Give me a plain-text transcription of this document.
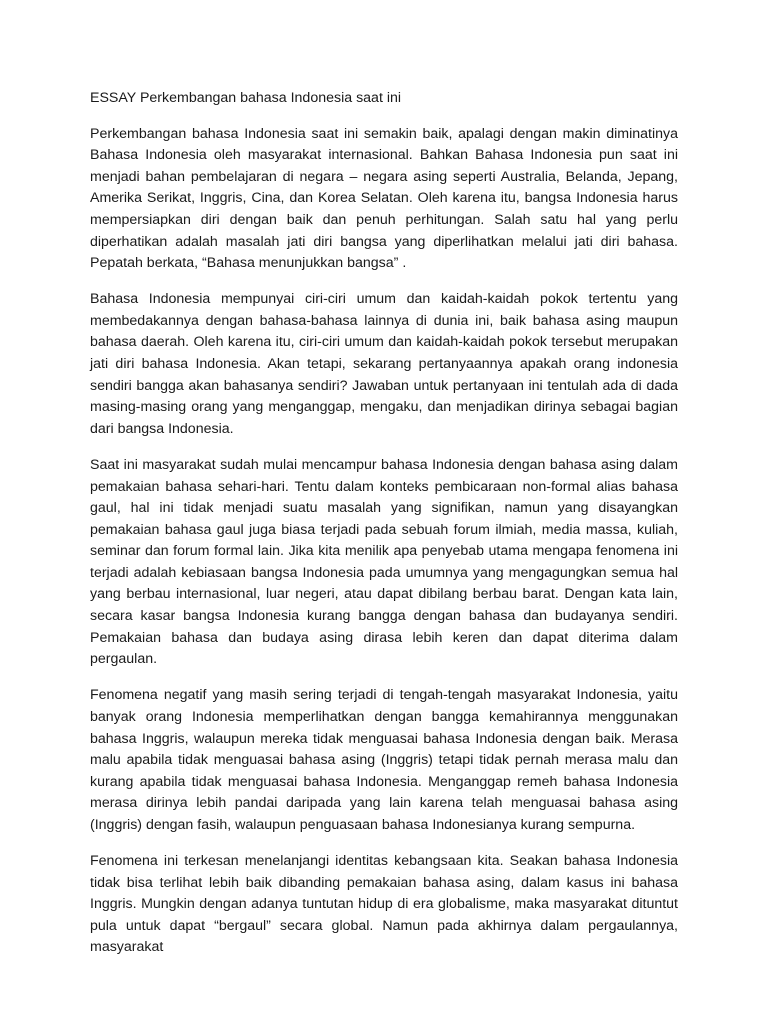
ESSAY Perkembangan bahasa Indonesia saat ini

Perkembangan bahasa Indonesia saat ini semakin baik, apalagi dengan makin diminatinya Bahasa Indonesia oleh masyarakat internasional. Bahkan Bahasa Indonesia pun saat ini menjadi bahan pembelajaran di negara – negara asing seperti Australia, Belanda, Jepang, Amerika Serikat, Inggris, Cina, dan Korea Selatan. Oleh karena itu, bangsa Indonesia harus mempersiapkan diri dengan baik dan penuh perhitungan. Salah satu hal yang perlu diperhatikan adalah masalah jati diri bangsa yang diperlihatkan melalui jati diri bahasa. Pepatah berkata, “Bahasa menunjukkan bangsa” .

Bahasa Indonesia mempunyai ciri-ciri umum dan kaidah-kaidah pokok tertentu yang membedakannya dengan bahasa-bahasa lainnya di dunia ini, baik bahasa asing maupun bahasa daerah. Oleh karena itu, ciri-ciri umum dan kaidah-kaidah pokok tersebut merupakan jati diri bahasa Indonesia. Akan tetapi, sekarang pertanyaannya apakah orang indonesia sendiri bangga akan bahasanya sendiri? Jawaban untuk pertanyaan ini tentulah ada di dada masing-masing orang yang menganggap, mengaku, dan menjadikan dirinya sebagai bagian dari bangsa Indonesia.

Saat ini masyarakat sudah mulai mencampur bahasa Indonesia dengan bahasa asing dalam pemakaian bahasa sehari-hari. Tentu dalam konteks pembicaraan non-formal alias bahasa gaul, hal ini tidak menjadi suatu masalah yang signifikan, namun yang disayangkan pemakaian bahasa gaul juga biasa terjadi pada sebuah forum ilmiah, media massa, kuliah, seminar dan forum formal lain. Jika kita menilik apa penyebab utama mengapa fenomena ini terjadi adalah kebiasaan bangsa Indonesia pada umumnya yang mengagungkan semua hal yang berbau internasional, luar negeri, atau dapat dibilang berbau barat. Dengan kata lain, secara kasar bangsa Indonesia kurang bangga dengan bahasa dan budayanya sendiri. Pemakaian bahasa dan budaya asing dirasa lebih keren dan dapat diterima dalam pergaulan.

Fenomena negatif yang masih sering terjadi di tengah-tengah masyarakat Indonesia, yaitu banyak orang Indonesia memperlihatkan dengan bangga kemahirannya menggunakan bahasa Inggris, walaupun mereka tidak menguasai bahasa Indonesia dengan baik. Merasa malu apabila tidak menguasai bahasa asing (Inggris) tetapi tidak pernah merasa malu dan kurang apabila tidak menguasai bahasa Indonesia. Menganggap remeh bahasa Indonesia merasa dirinya lebih pandai daripada yang lain karena telah menguasai bahasa asing (Inggris) dengan fasih, walaupun penguasaan bahasa Indonesianya kurang sempurna.

Fenomena ini terkesan menelanjangi identitas kebangsaan kita. Seakan bahasa Indonesia tidak bisa terlihat lebih baik dibanding pemakaian bahasa asing, dalam kasus ini bahasa Inggris. Mungkin dengan adanya tuntutan hidup di era globalisme, maka masyarakat dituntut pula untuk dapat “bergaul” secara global. Namun pada akhirnya dalam pergaulannya, masyarakat
